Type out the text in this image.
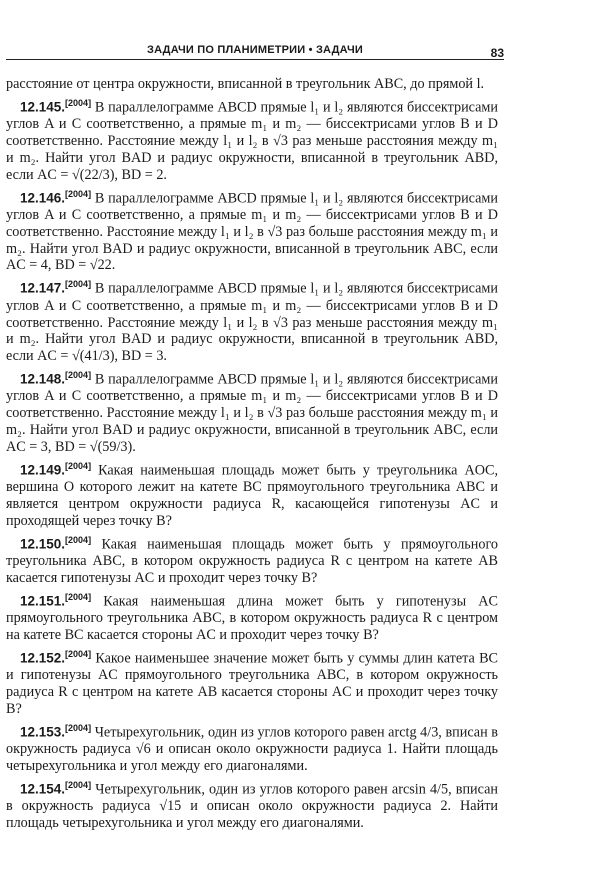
ЗАДАЧИ ПО ПЛАНИМЕТРИИ • ЗАДАЧИ	83

расстояние от центра окружности, вписанной в треугольник ABC, до прямой l.

12.145.[2004] В параллелограмме ABCD прямые l₁ и l₂ являются биссектрисами углов A и C соответственно, а прямые m₁ и m₂ — биссектрисами углов B и D соответственно. Расстояние между l₁ и l₂ в √3 раз меньше расстояния между m₁ и m₂. Найти угол BAD и радиус окружности, вписанной в треугольник ABD, если AC = √(22/3), BD = 2.

12.146.[2004] В параллелограмме ABCD прямые l₁ и l₂ являются биссектрисами углов A и C соответственно, а прямые m₁ и m₂ — биссектрисами углов B и D соответственно. Расстояние между l₁ и l₂ в √3 раз больше расстояния между m₁ и m₂. Найти угол BAD и радиус окружности, вписанной в треугольник ABC, если AC = 4, BD = √22.

12.147.[2004] В параллелограмме ABCD прямые l₁ и l₂ являются биссектрисами углов A и C соответственно, а прямые m₁ и m₂ — биссектрисами углов B и D соответственно. Расстояние между l₁ и l₂ в √3 раз меньше расстояния между m₁ и m₂. Найти угол BAD и радиус окружности, вписанной в треугольник ABD, если AC = √(41/3), BD = 3.

12.148.[2004] В параллелограмме ABCD прямые l₁ и l₂ являются биссектрисами углов A и C соответственно, а прямые m₁ и m₂ — биссектрисами углов B и D соответственно. Расстояние между l₁ и l₂ в √3 раз больше расстояния между m₁ и m₂. Найти угол BAD и радиус окружности, вписанной в треугольник ABC, если AC = 3, BD = √(59/3).

12.149.[2004] Какая наименьшая площадь может быть у треугольника AOC, вершина O которого лежит на катете BC прямоугольного треугольника ABC и является центром окружности радиуса R, касающейся гипотенузы AC и проходящей через точку B?

12.150.[2004] Какая наименьшая площадь может быть у прямоугольного треугольника ABC, в котором окружность радиуса R с центром на катете AB касается гипотенузы AC и проходит через точку B?

12.151.[2004] Какая наименьшая длина может быть у гипотенузы AC прямоугольного треугольника ABC, в котором окружность радиуса R с центром на катете BC касается стороны AC и проходит через точку B?

12.152.[2004] Какое наименьшее значение может быть у суммы длин катета BC и гипотенузы AC прямоугольного треугольника ABC, в котором окружность радиуса R с центром на катете AB касается стороны AC и проходит через точку B?

12.153.[2004] Четырехугольник, один из углов которого равен arctg 4/3, вписан в окружность радиуса √6 и описан около окружности радиуса 1. Найти площадь четырехугольника и угол между его диагоналями.

12.154.[2004] Четырехугольник, один из углов которого равен arcsin 4/5, вписан в окружность радиуса √15 и описан около окружности радиуса 2. Найти площадь четырехугольника и угол между его диагоналями.
